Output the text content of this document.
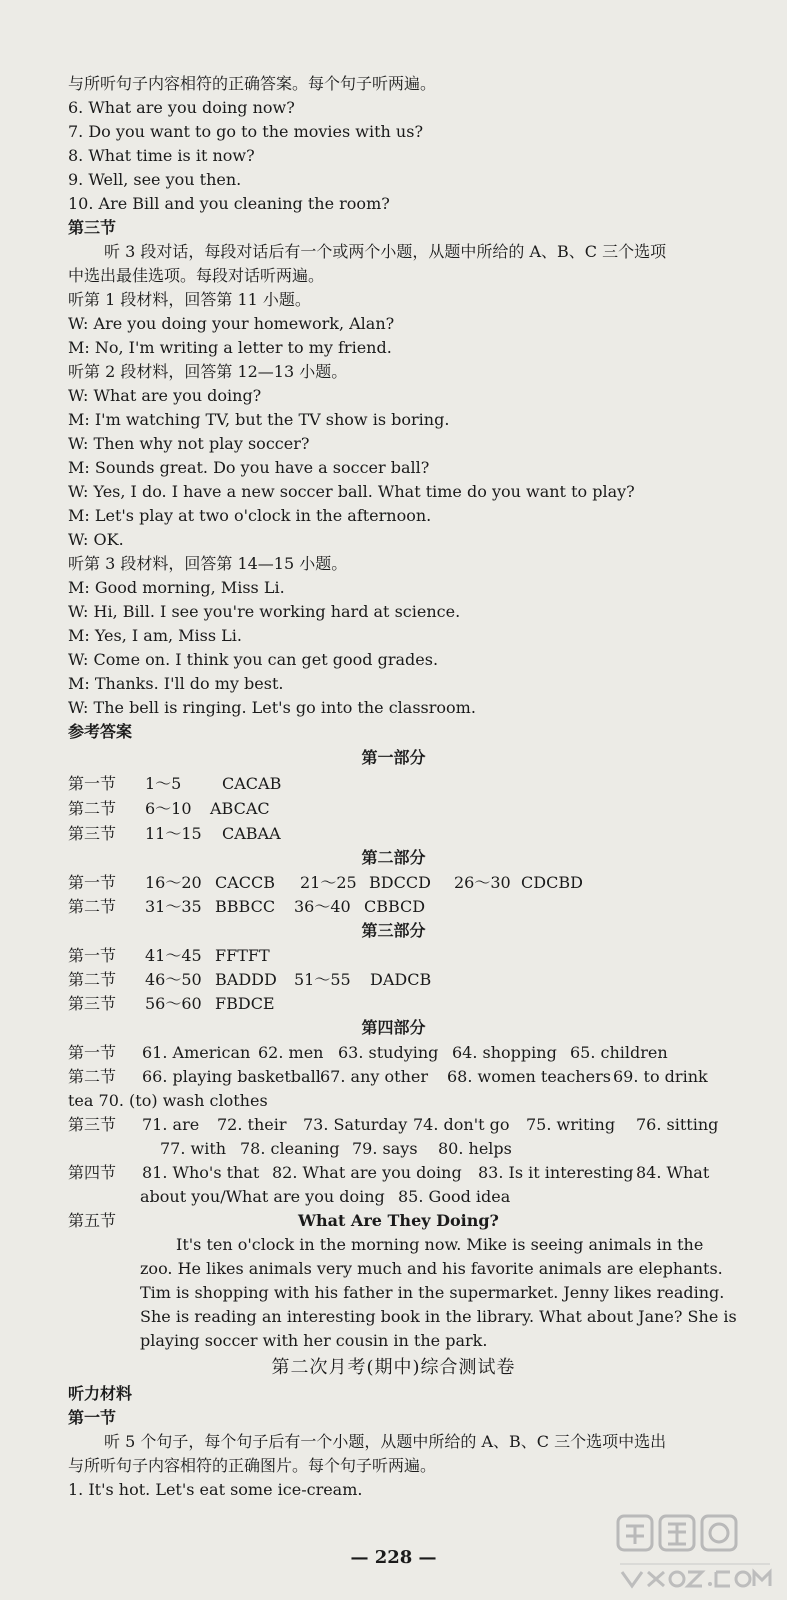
与所听句子内容相符的正确答案。每个句子听两遍。
6. What are you doing now?
7. Do you want to go to the movies with us?
8. What time is it now?
9. Well, see you then.
10. Are Bill and you cleaning the room?
第三节
听 3 段对话，每段对话后有一个或两个小题，从题中所给的 A、B、C 三个选项
中选出最佳选项。每段对话听两遍。
听第 1 段材料，回答第 11 小题。
W: Are you doing your homework, Alan?
M: No, I'm writing a letter to my friend.
听第 2 段材料，回答第 12—13 小题。
W: What are you doing?
M: I'm watching TV, but the TV show is boring.
W: Then why not play soccer?
M: Sounds great. Do you have a soccer ball?
W: Yes, I do. I have a new soccer ball. What time do you want to play?
M: Let's play at two o'clock in the afternoon.
W: OK.
听第 3 段材料，回答第 14—15 小题。
M: Good morning, Miss Li.
W: Hi, Bill. I see you're working hard at science.
M: Yes, I am, Miss Li.
W: Come on. I think you can get good grades.
M: Thanks. I'll do my best.
W: The bell is ringing. Let's go into the classroom.
参考答案
第一部分
第一节 1～5	CACAB
第二节 6～10 ABCAC
第三节 11～15 CABAA
第二部分
第一节 16～20 CACCB 21～25 BDCCD 26～30 CDCBD
第二节 31～35 BBBCC 36～40 CBBCD
第三部分
第一节 41～45 FFTFT
第二节 46～50 BADDD 51～55 DADCB
第三节 56～60 FBDCE
第四部分
第一节 61. American 62. men 63. studying 64. shopping 65. children
第二节 66. playing basketball 67. any other 68. women teachers 69. to drink
tea 70. (to) wash clothes
第三节 71. are 72. their 73. Saturday 74. don't go 75. writing 76. sitting
77. with 78. cleaning 79. says 80. helps
第四节 81. Who's that 82. What are you doing 83. Is it interesting 84. What
about you/What are you doing 85. Good idea
第五节	What Are They Doing?
It's ten o'clock in the morning now. Mike is seeing animals in the
zoo. He likes animals very much and his favorite animals are elephants.
Tim is shopping with his father in the supermarket. Jenny likes reading.
She is reading an interesting book in the library. What about Jane? She is
playing soccer with her cousin in the park.
第二次月考(期中)综合测试卷
听力材料
第一节
听 5 个句子，每个句子后有一个小题，从题中所给的 A、B、C 三个选项中选出
与所听句子内容相符的正确图片。每个句子听两遍。
1. It's hot. Let's eat some ice-cream.
— 228 —
